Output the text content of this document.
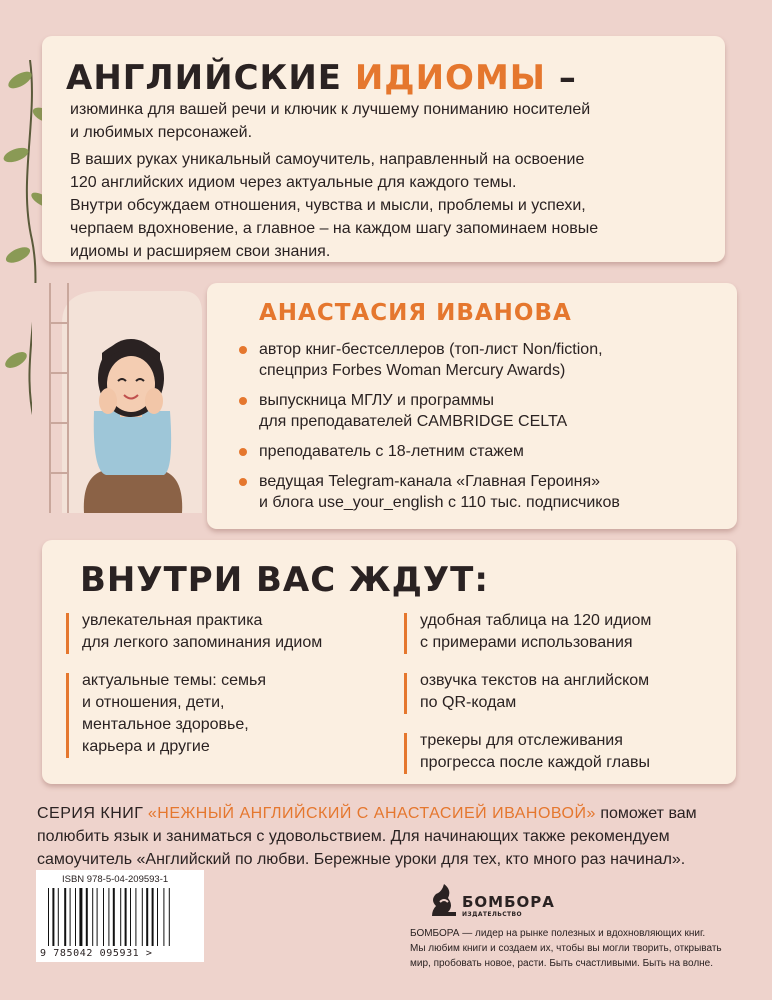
АНГЛИЙСКИЕ ИДИОМЫ –
изюминка для вашей речи и ключик к лучшему пониманию носителей
и любимых персонажей.
В ваших руках уникальный самоучитель, направленный на освоение
120 английских идиом через актуальные для каждого темы.
Внутри обсуждаем отношения, чувства и мысли, проблемы и успехи,
черпаем вдохновение, а главное – на каждом шагу запоминаем новые
идиомы и расширяем свои знания.
АНАСТАСИЯ ИВАНОВА
автор книг-бестселлеров (топ-лист Non/fiction,
спецприз Forbes Woman Mercury Awards)
выпускница МГЛУ и программы
для преподавателей CAMBRIDGE CELTA
преподаватель с 18-летним стажем
ведущая Telegram-канала «Главная Героиня»
и блога use_your_english с 110 тыс. подписчиков
ВНУТРИ ВАС ЖДУТ:
увлекательная практика
для легкого запоминания идиом
актуальные темы: семья
и отношения, дети,
ментальное здоровье,
карьера и другие
удобная таблица на 120 идиом
с примерами использования
озвучка текстов на английском
по QR-кодам
трекеры для отслеживания
прогресса после каждой главы
СЕРИЯ КНИГ «НЕЖНЫЙ АНГЛИЙСКИЙ С АНАСТАСИЕЙ ИВАНОВОЙ» поможет вам
полюбить язык и заниматься с удовольствием. Для начинающих также рекомендуем
самоучитель «Английский по любви. Бережные уроки для тех, кто много раз начинал».
ISBN 978-5-04-209593-1
9 785042 095931 >
БОМБОРА
ИЗДАТЕЛЬСТВО
БОМБОРА — лидер на рынке полезных и вдохновляющих книг.
Мы любим книги и создаем их, чтобы вы могли творить, открывать
мир, пробовать новое, расти. Быть счастливыми. Быть на волне.
